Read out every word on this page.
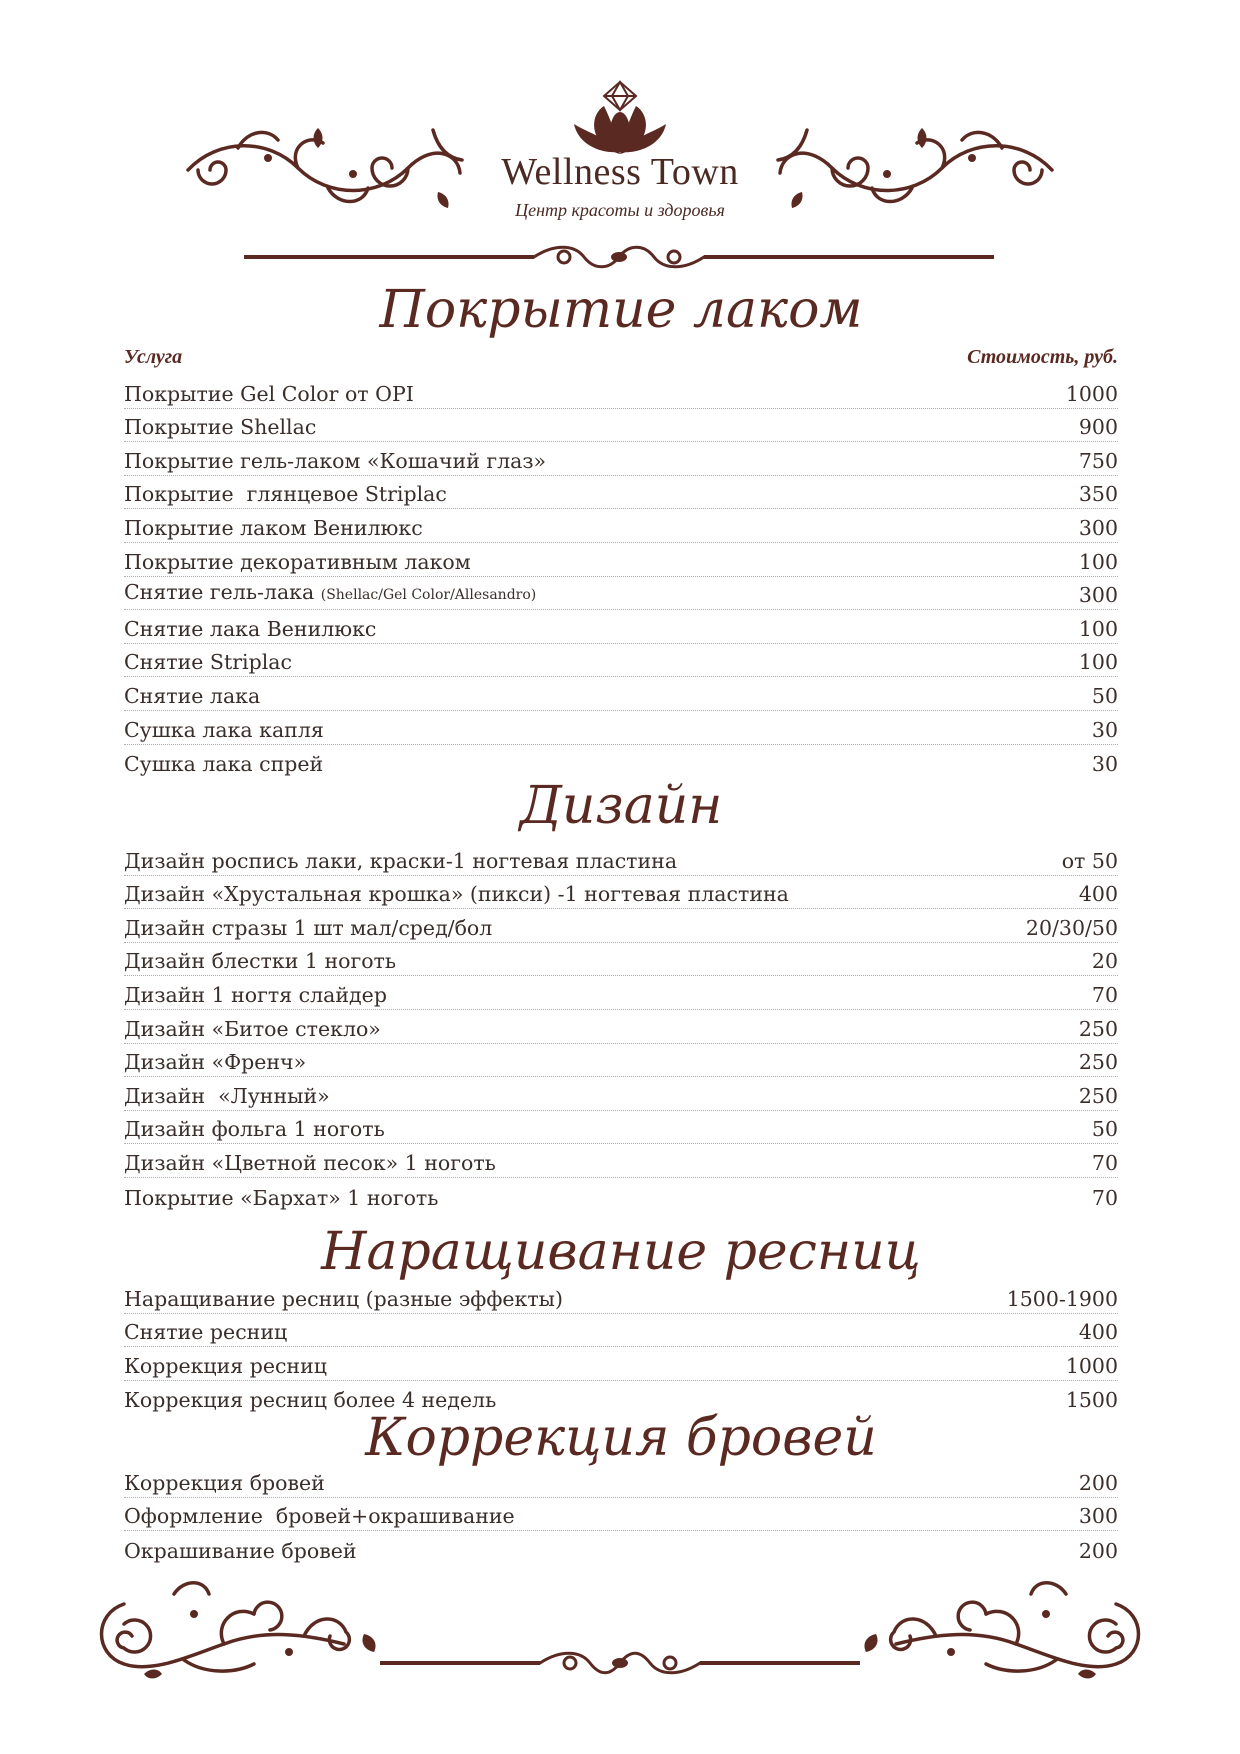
Wellness Town
Центр красоты и здоровья
Покрытие лаком
Услуга	Стоимость, руб.
Покрытие Gel Color от OPI	1000
Покрытие Shellac	900
Покрытие гель-лаком «Кошачий глаз»	750
Покрытие  глянцевое Striplac	350
Покрытие лаком Венилюкс	300
Покрытие декоративным лаком	100
Снятие гель-лака (Shellac/Gel Color/Allesandro)	300
Снятие лака Венилюкс	100
Снятие Striplac	100
Снятие лака	50
Сушка лака капля	30
Сушка лака спрей	30
Дизайн
Дизайн роспись лаки, краски-1 ногтевая пластина	от 50
Дизайн «Хрустальная крошка» (пикси) -1 ногтевая пластина	400
Дизайн стразы 1 шт мал/сред/бол	20/30/50
Дизайн блестки 1 ноготь	20
Дизайн 1 ногтя слайдер	70
Дизайн «Битое стекло»	250
Дизайн «Френч»	250
Дизайн  «Лунный»	250
Дизайн фольга 1 ноготь	50
Дизайн «Цветной песок» 1 ноготь	70
Покрытие «Бархат» 1 ноготь	70
Наращивание ресниц
Наращивание ресниц (разные эффекты)	1500-1900
Снятие ресниц	400
Коррекция ресниц	1000
Коррекция ресниц более 4 недель	1500
Коррекция бровей
Коррекция бровей	200
Оформление  бровей+окрашивание	300
Окрашивание бровей	200
